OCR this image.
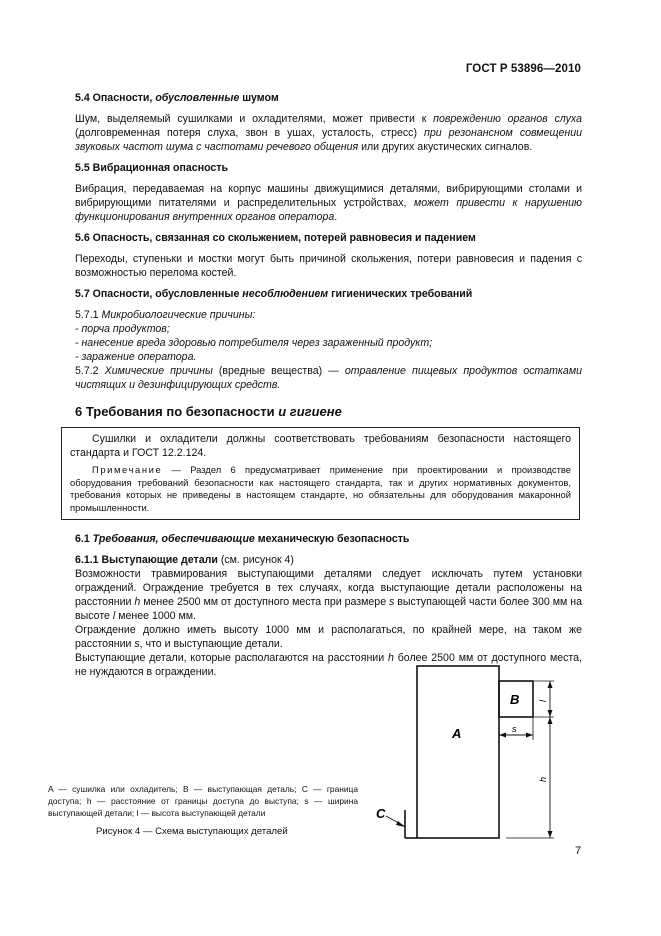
ГОСТ Р 53896—2010

5.4 Опасности, обусловленные шумом

Шум, выделяемый сушилками и охладителями, может привести к повреждению органов слуха (долговременная потеря слуха, звон в ушах, усталость, стресс) при резонансном совмещении звуковых частот шума с частотами речевого общения или других акустических сигналов.

5.5 Вибрационная опасность

Вибрация, передаваемая на корпус машины движущимися деталями, вибрирующими столами и вибрирующими питателями и распределительных устройствах, может привести к нарушению функционирования внутренних органов оператора.

5.6 Опасность, связанная со скольжением, потерей равновесия и падением

Переходы, ступеньки и мостки могут быть причиной скольжения, потери равновесия и падения с возможностью перелома костей.

5.7 Опасности, обусловленные несоблюдением гигиенических требований

5.7.1 Микробиологические причины:

- порча продуктов;

- нанесение вреда здоровью потребителя через зараженный продукт;

- заражение оператора.

5.7.2 Химические причины (вредные вещества) — отравление пищевых продуктов остатками чистящих и дезинфицирующих средств.

6 Требования по безопасности и гигиене

Сушилки и охладители должны соответствовать требованиям безопасности настоящего стандарта и ГОСТ 12.2.124.

Примечание — Раздел 6 предусматривает применение при проектировании и производстве оборудования требований безопасности как настоящего стандарта, так и других нормативных документов, требования которых не приведены в настоящем стандарте, но обязательны для оборудования макаронной промышленности.

6.1 Требования, обеспечивающие механическую безопасность

6.1.1 Выступающие детали (см. рисунок 4)

Возможности травмирования выступающими деталями следует исключать путем установки ограждений. Ограждение требуется в тех случаях, когда выступающие детали расположены на расстоянии h менее 2500 мм от доступного места при размере s выступающей части более 300 мм на высоте l менее 1000 мм.

Ограждение должно иметь высоту 1000 мм и располагаться, по крайней мере, на таком же расстоянии s, что и выступающие детали.

Выступающие детали, которые располагаются на расстоянии h более 2500 мм от доступного места, не нуждаются в ограждении.

A
B
C
s
h
l
A — сушилка или охладитель; B — выступающая деталь; C — граница доступа; h — расстояние от границы доступа до выступа; s — ширина выступающей детали; l — высота выступающей детали
Рисунок 4 — Схема выступающих деталей
7
